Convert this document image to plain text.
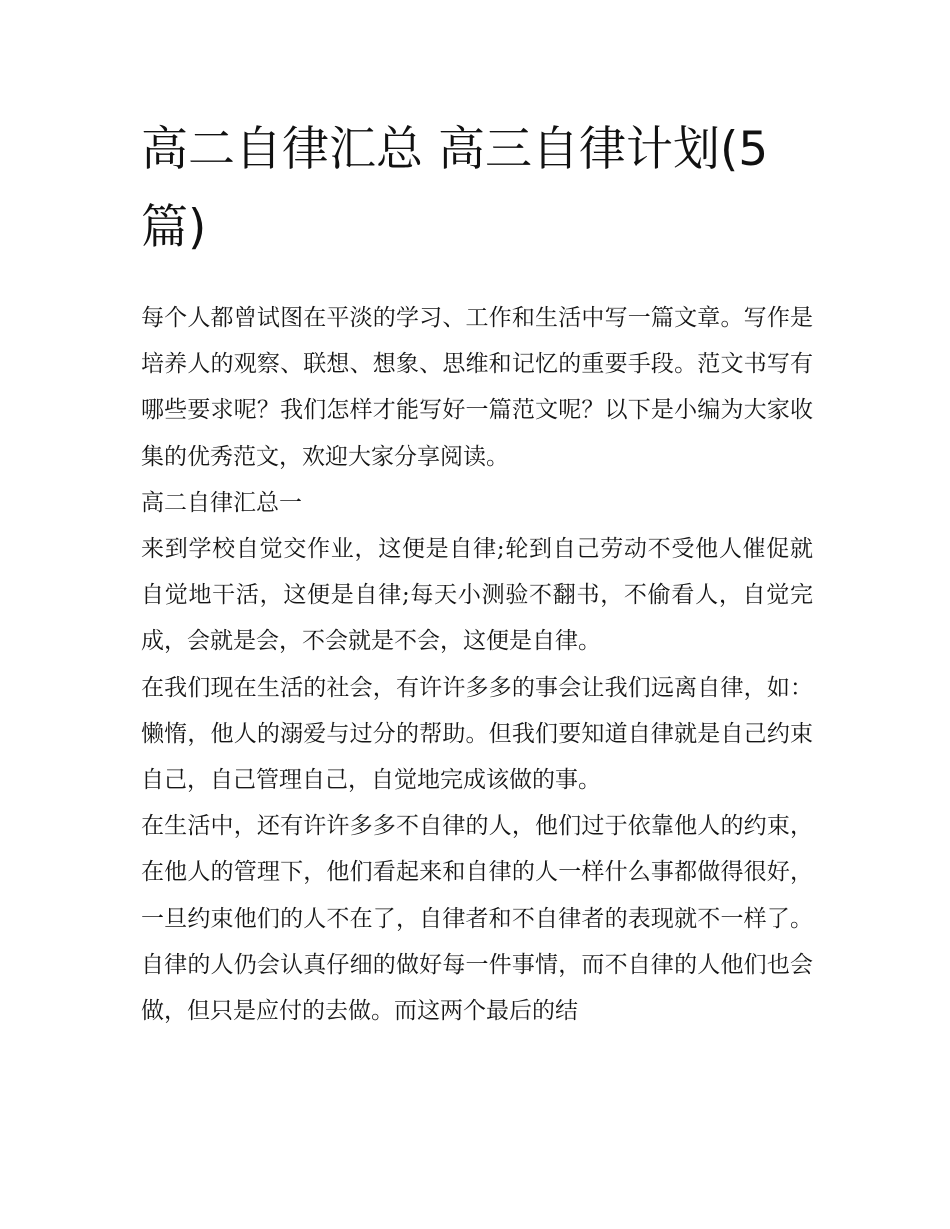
高二自律汇总 高三自律计划(5篇)

每个人都曾试图在平淡的学习、工作和生活中写一篇文章。写作是培养人的观察、联想、想象、思维和记忆的重要手段。范文书写有哪些要求呢？我们怎样才能写好一篇范文呢？以下是小编为大家收集的优秀范文，欢迎大家分享阅读。

高二自律汇总一

来到学校自觉交作业，这便是自律;轮到自己劳动不受他人催促就自觉地干活，这便是自律;每天小测验不翻书，不偷看人，自觉完成，会就是会，不会就是不会，这便是自律。

在我们现在生活的社会，有许许多多的事会让我们远离自律，如：懒惰，他人的溺爱与过分的帮助。但我们要知道自律就是自己约束自己，自己管理自己，自觉地完成该做的事。

在生活中，还有许许多多不自律的人，他们过于依靠他人的约束，在他人的管理下，他们看起来和自律的人一样什么事都做得很好，一旦约束他们的人不在了，自律者和不自律者的表现就不一样了。自律的人仍会认真仔细的做好每一件事情，而不自律的人他们也会做，但只是应付的去做。而这两个最后的结
